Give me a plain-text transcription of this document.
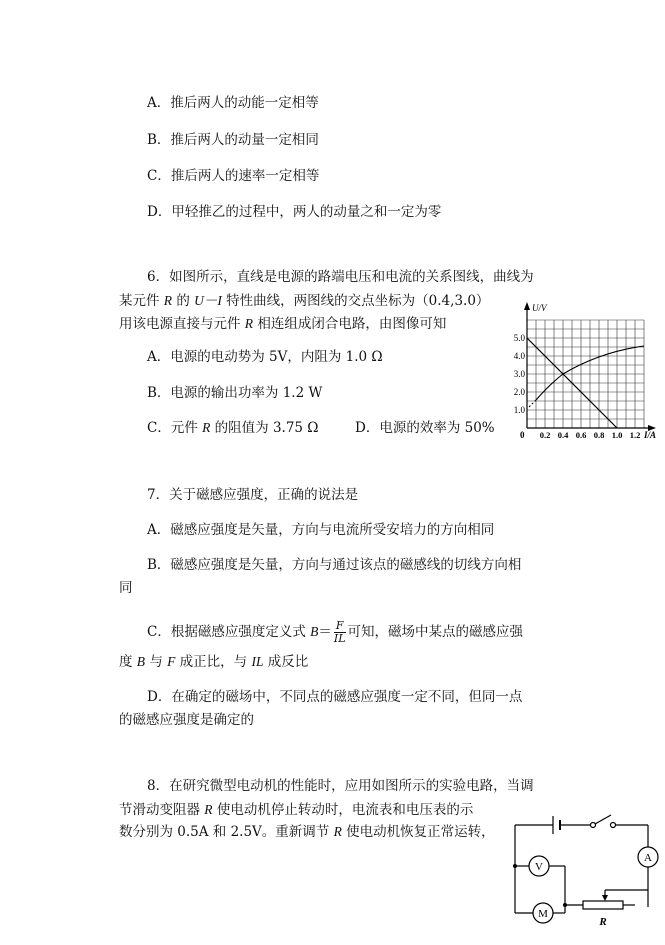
A．推后两人的动能一定相等
B．推后两人的动量一定相同
C．推后两人的速率一定相等
D．甲轻推乙的过程中，两人的动量之和一定为零
6．如图所示，直线是电源的路端电压和电流的关系图线，曲线为
某元件 R 的 U－I 特性曲线，两图线的交点坐标为（0.4,3.0）
用该电源直接与元件 R 相连组成闭合电路，由图像可知
A．电源的电动势为 5V，内阻为 1.0 Ω
B．电源的输出功率为 1.2 W
C．元件 R 的阻值为 3.75 Ω	D．电源的效率为 50%
U/V
I/A
0
1.0
2.0
3.0
4.0
5.0
0.2 0.4 0.6 0.8 1.0 1.2
7．关于磁感应强度，正确的说法是
A．磁感应强度是矢量，方向与电流所受安培力的方向相同
B．磁感应强度是矢量，方向与通过该点的磁感线的切线方向相
同
C．根据磁感应强度定义式 $B= \frac{F}{IL}$ 可知，磁场中某点的磁感应强
度 B 与 F 成正比，与 IL 成反比
D．在确定的磁场中，不同点的磁感应强度一定不同，但同一点
的磁感应强度是确定的
8．在研究微型电动机的性能时，应用如图所示的实验电路，当调
节滑动变阻器 R 使电动机停止转动时，电流表和电压表的示
数分别为 0.5A 和 2.5V。重新调节 R 使电动机恢复正常运转，
A
V
M
R
